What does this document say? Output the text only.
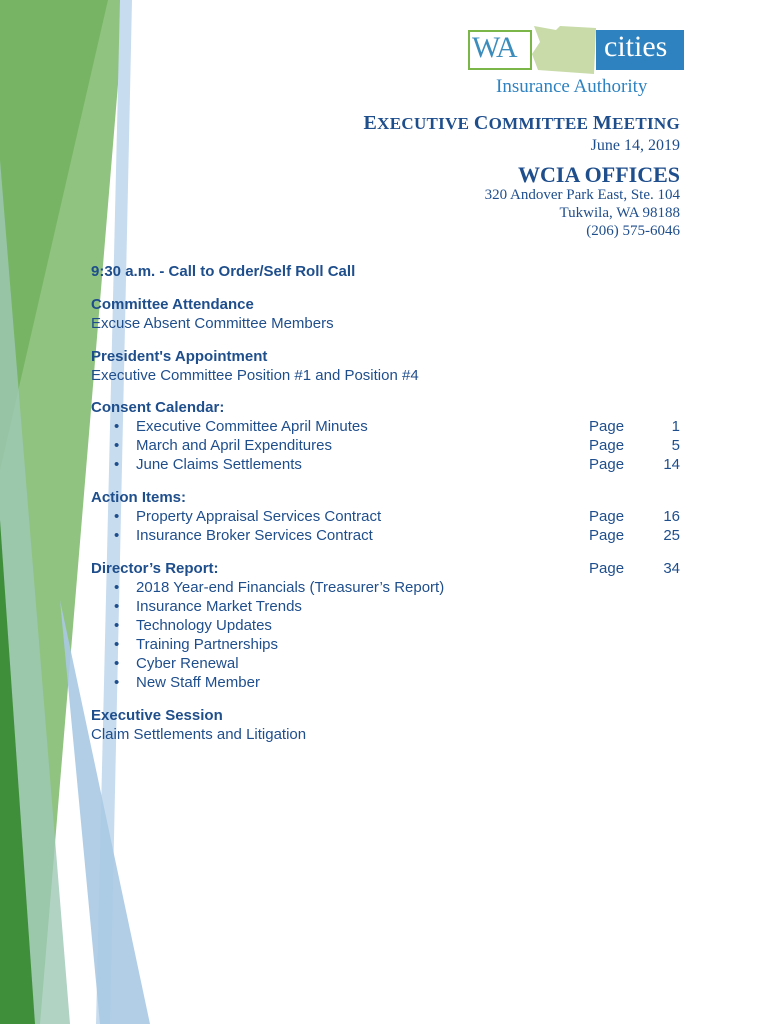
WA	cities
Insurance Authority
EXECUTIVE COMMITTEE MEETING
June 14, 2019
WCIA OFFICES
320 Andover Park East, Ste. 104
Tukwila, WA 98188
(206) 575-6046
9:30 a.m. - Call to Order/Self Roll Call
Committee Attendance
Excuse Absent Committee Members
President's Appointment
Executive Committee Position #1 and Position #4
Consent Calendar:
• Executive Committee April Minutes	Page	1
• March and April Expenditures	Page	5
• June Claims Settlements	Page	14
Action Items:
• Property Appraisal Services Contract	Page	16
• Insurance Broker Services Contract	Page	25
Director’s Report:	Page	34
• 2018 Year-end Financials (Treasurer’s Report)
• Insurance Market Trends
• Technology Updates
• Training Partnerships
• Cyber Renewal
• New Staff Member
Executive Session
Claim Settlements and Litigation
